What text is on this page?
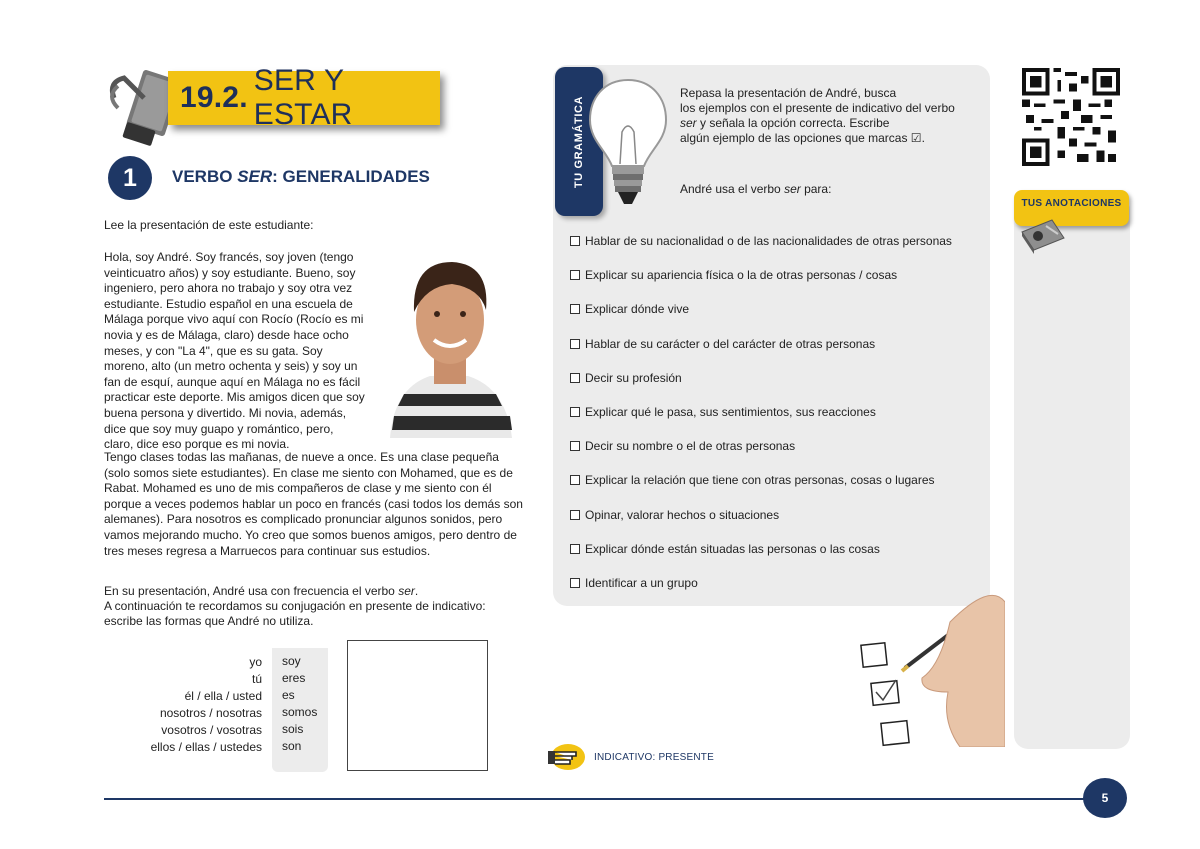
19.2.
SER Y ESTAR
1	VERBO SER: GENERALIDADES
Lee la presentación de este estudiante:
Hola, soy André. Soy francés, soy joven (tengo veinticuatro años) y soy estudiante. Bueno, soy ingeniero, pero ahora no trabajo y soy otra vez estudiante. Estudio español en una escuela de Málaga porque vivo aquí con Rocío (Rocío es mi novia y es de Málaga, claro) desde hace ocho meses, y con "La 4", que es su gata. Soy moreno, alto (un metro ochenta y seis) y soy un fan de esquí, aunque aquí en Málaga no es fácil practicar este deporte. Mis amigos dicen que soy buena persona y divertido. Mi novia, además, dice que soy muy guapo y romántico, pero, claro, dice eso porque es mi novia.
Tengo clases todas las mañanas, de nueve a once. Es una clase pequeña (solo somos siete estudiantes). En clase me siento con Mohamed, que es de Rabat. Mohamed es uno de mis compañeros de clase y me siento con él porque a veces podemos hablar un poco en francés (casi todos los demás son alemanes). Para nosotros es complicado pronunciar algunos sonidos, pero vamos mejorando mucho. Yo creo que somos buenos amigos, pero dentro de tres meses regresa a Marruecos para continuar sus estudios.
En su presentación, André usa con frecuencia el verbo ser.
A continuación te recordamos su conjugación en presente de indicativo:
escribe las formas que André no utiliza.
yo
tú
él / ella / usted
nosotros / nosotras
vosotros / vosotras
ellos / ellas / ustedes
soy
eres
es
somos
sois
son
TU GRAMÁTICA
Repasa la presentación de André, busca
los ejemplos con el presente de indicativo del verbo
ser y señala la opción correcta. Escribe
algún ejemplo de las opciones que marcas ☑.
André usa el verbo ser para:
Hablar de su nacionalidad o de las nacionalidades de otras personas
Explicar su apariencia física o la de otras personas / cosas
Explicar dónde vive
Hablar de su carácter o del carácter de otras personas
Decir su profesión
Explicar qué le pasa, sus sentimientos, sus reacciones
Decir su nombre o el de otras personas
Explicar la relación que tiene con otras personas, cosas o lugares
Opinar, valorar hechos o situaciones
Explicar dónde están situadas las personas o las cosas
Identificar a un grupo
TUS ANOTACIONES
INDICATIVO: PRESENTE
5
